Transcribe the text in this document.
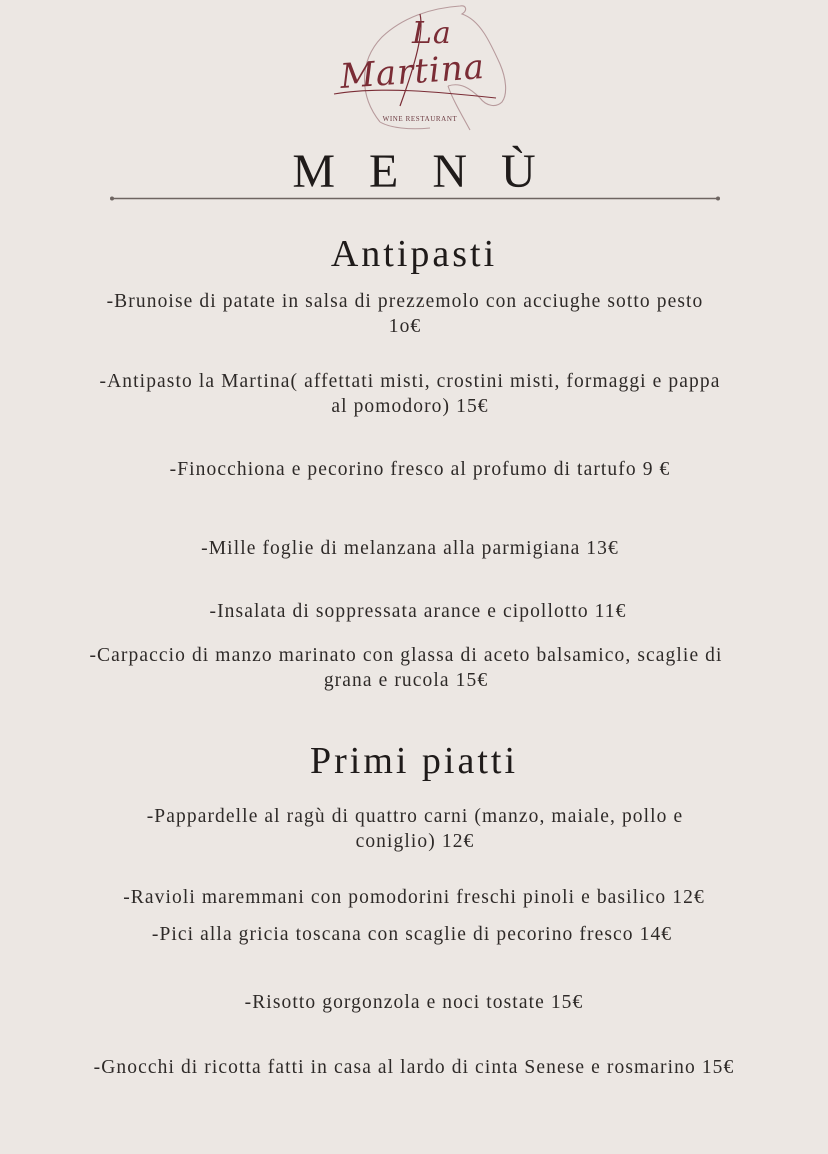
La
Martina
WINE RESTAURANT
MENÙ
Antipasti
-Brunoise di patate in salsa di prezzemolo con acciughe sotto pesto 1o€
-Antipasto la Martina( affettati misti, crostini misti, formaggi e pappa al pomodoro) 15€
-Finocchiona e pecorino fresco al profumo di tartufo 9 €
-Mille foglie di melanzana alla parmigiana 13€
-Insalata di soppressata arance e cipollotto 11€
-Carpaccio di manzo marinato con glassa di aceto balsamico, scaglie di grana e rucola 15€
Primi piatti
-Pappardelle al ragù di quattro carni (manzo, maiale, pollo e coniglio) 12€
-Ravioli maremmani con pomodorini freschi pinoli e basilico 12€
-Pici alla gricia toscana con scaglie di pecorino fresco 14€
-Risotto gorgonzola e noci tostate 15€
-Gnocchi di ricotta fatti in casa al lardo di cinta Senese e rosmarino 15€
